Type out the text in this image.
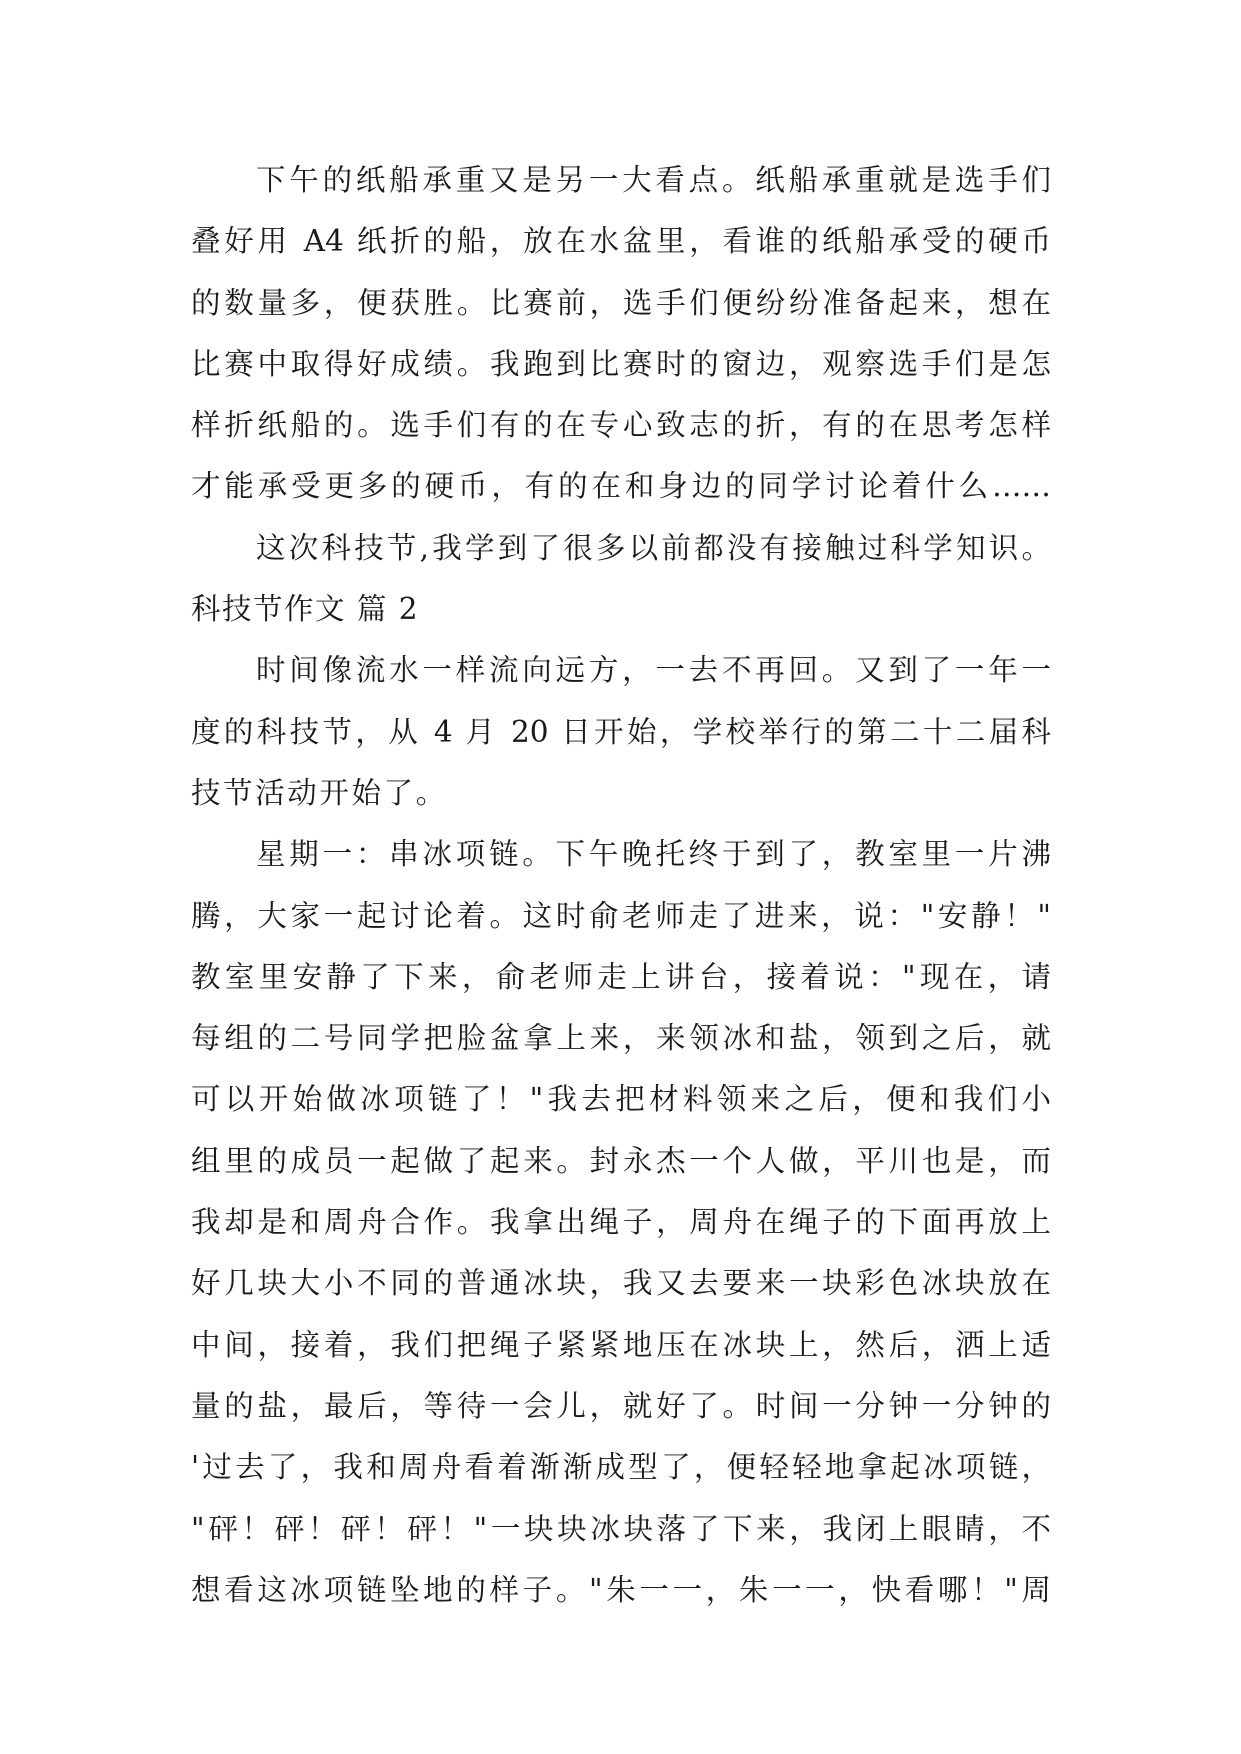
下午的纸船承重又是另一大看点。纸船承重就是选手们
叠好用 A4 纸折的船，放在水盆里，看谁的纸船承受的硬币
的数量多，便获胜。比赛前，选手们便纷纷准备起来，想在
比赛中取得好成绩。我跑到比赛时的窗边，观察选手们是怎
样折纸船的。选手们有的在专心致志的折，有的在思考怎样
才能承受更多的硬币，有的在和身边的同学讨论着什么……
这次科技节,我学到了很多以前都没有接触过科学知识。
科技节作文 篇 2
时间像流水一样流向远方，一去不再回。又到了一年一
度的科技节，从 4 月 20 日开始，学校举行的第二十二届科
技节活动开始了。
星期一：串冰项链。下午晚托终于到了，教室里一片沸
腾，大家一起讨论着。这时俞老师走了进来，说："安静！"
教室里安静了下来，俞老师走上讲台，接着说："现在，请
每组的二号同学把脸盆拿上来，来领冰和盐，领到之后，就
可以开始做冰项链了！"我去把材料领来之后，便和我们小
组里的成员一起做了起来。封永杰一个人做，平川也是，而
我却是和周舟合作。我拿出绳子，周舟在绳子的下面再放上
好几块大小不同的普通冰块，我又去要来一块彩色冰块放在
中间，接着，我们把绳子紧紧地压在冰块上，然后，洒上适
量的盐，最后，等待一会儿，就好了。时间一分钟一分钟的
'过去了，我和周舟看着渐渐成型了，便轻轻地拿起冰项链，
"砰！砰！砰！砰！"一块块冰块落了下来，我闭上眼睛，不
想看这冰项链坠地的样子。"朱一一，朱一一，快看哪！"周
